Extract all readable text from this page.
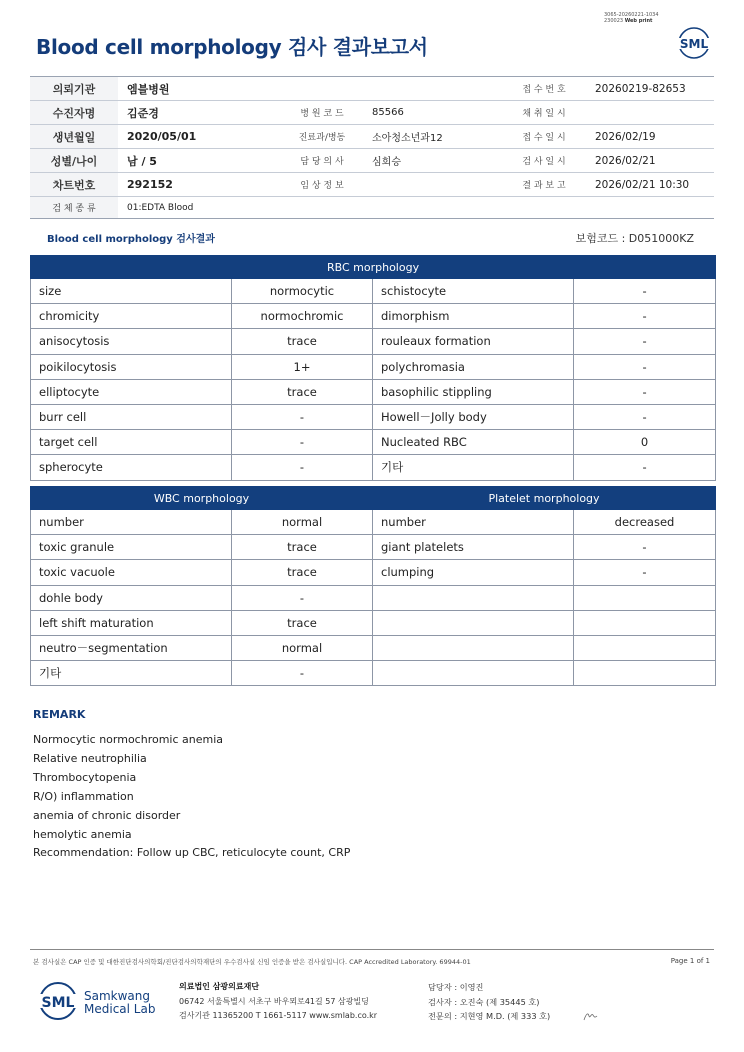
3065-20260221-1034
230023 Web print
Blood cell morphology 검사 결과보고서	SML
의뢰기관	엠블병원	접 수 번 호	20260219-82653
수진자명	김준경	병 원 코 드	85566	채 취 일 시
생년월일	2020/05/01	진료과/병동	소아청소년과12	접 수 일 시	2026/02/19
성별/나이	남 / 5	담 당 의 사	심희승	검 사 일 시	2026/02/21
차트번호	292152	임 상 정 보	결 과 보 고	2026/02/21 10:30
검 체 종 류	01:EDTA Blood
Blood cell morphology 검사결과	보험코드 : D051000KZ
RBC morphology			
size	normocytic	schistocyte	-
chromicity	normochromic	dimorphism	-
anisocytosis	trace	rouleaux formation	-
poikilocytosis	1+	polychromasia	-
elliptocyte	trace	basophilic stippling	-
burr cell	-	Howell－Jolly body	-
target cell	-	Nucleated RBC	0
spherocyte	-	기타	-
WBC morphology		Platelet morphology	
number	normal	number	decreased
toxic granule	trace	giant platelets	-
toxic vacuole	trace	clumping	-
dohle body	-		
left shift maturation	trace		
neutro－segmentation	normal		
기타	-		
REMARK
Normocytic normochromic anemia
Relative neutrophilia
Thrombocytopenia
R/O) inflammation
anemia of chronic disorder
hemolytic anemia
Recommendation: Follow up CBC, reticulocyte count, CRP
본 검사실은 CAP 인증 및 대한진단검사의학회/진단검사의학재단의 우수검사실 신임 인증을 받은 검사실입니다. CAP Accredited Laboratory. 69944-01	Page 1 of 1
SML Samkwang
Medical Lab
의료법인 삼광의료재단
06742 서울특별시 서초구 바우뫼로41길 57 삼광빌딩
검사기관 11365200 T 1661-5117 www.smlab.co.kr
담당자 : 이영진
검사자 : 오진숙 (제 35445 호)
전문의 : 지현영 M.D. (제 333 호)
